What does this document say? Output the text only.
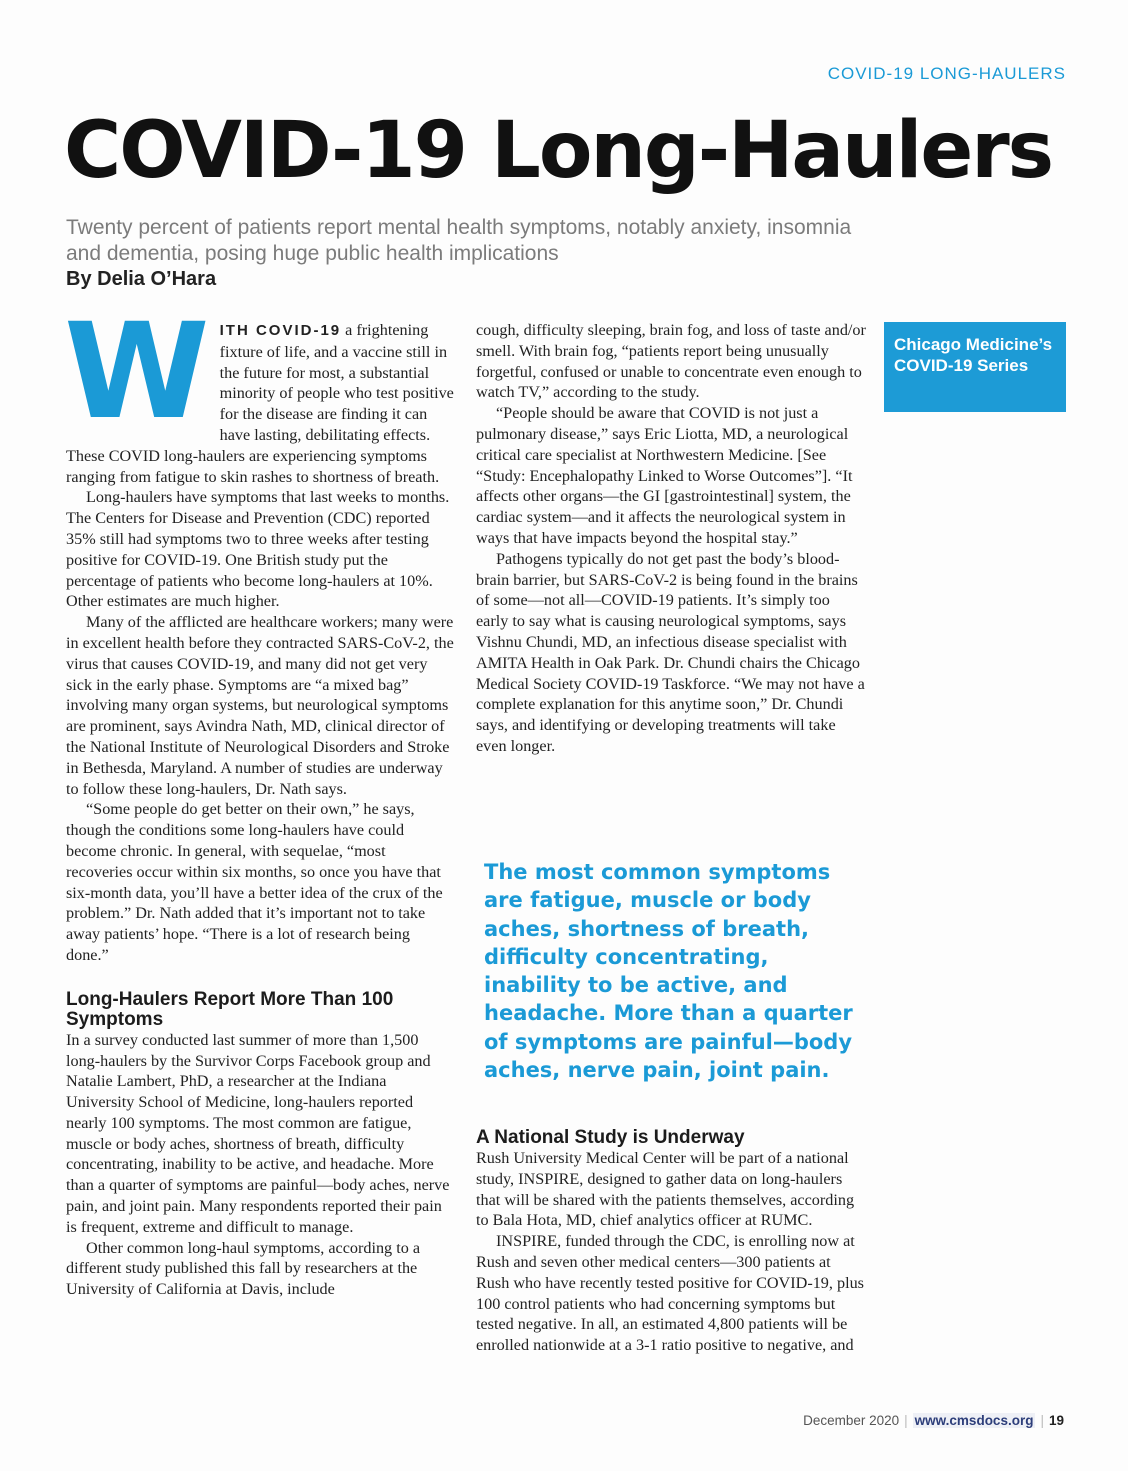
COVID-19 LONG-HAULERS
COVID-19 Long-Haulers
Twenty percent of patients report mental health symptoms, notably anxiety, insomnia and dementia, posing huge public health implications
By Delia O’Hara

WITH COVID-19 a frightening fixture of life, and a vaccine still in the future for most, a substantial minority of people who test positive for the disease are finding it can have lasting, debilitating effects. These COVID long-haulers are experiencing symptoms ranging from fatigue to skin rashes to shortness of breath.

Long-haulers have symptoms that last weeks to months. The Centers for Disease and Prevention (CDC) reported 35% still had symptoms two to three weeks after testing positive for COVID-19. One British study put the percentage of patients who become long-haulers at 10%. Other estimates are much higher.

Many of the afflicted are healthcare workers; many were in excellent health before they contracted SARS-CoV-2, the virus that causes COVID-19, and many did not get very sick in the early phase. Symptoms are “a mixed bag” involving many organ systems, but neurological symptoms are prominent, says Avindra Nath, MD, clinical director of the National Institute of Neurological Disorders and Stroke in Bethesda, Maryland. A number of studies are underway to follow these long-haulers, Dr. Nath says.

“Some people do get better on their own,” he says, though the conditions some long-haulers have could become chronic. In general, with sequelae, “most recoveries occur within six months, so once you have that six-month data, you’ll have a better idea of the crux of the problem.” Dr. Nath added that it’s important not to take away patients’ hope. “There is a lot of research being done.”

Long-Haulers Report More Than 100 Symptoms

In a survey conducted last summer of more than 1,500 long-haulers by the Survivor Corps Facebook group and Natalie Lambert, PhD, a researcher at the Indiana University School of Medicine, long-haulers reported nearly 100 symptoms. The most common are fatigue, muscle or body aches, shortness of breath, difficulty concentrating, inability to be active, and headache. More than a quarter of symptoms are painful—body aches, nerve pain, and joint pain. Many respondents reported their pain is frequent, extreme and difficult to manage.

Other common long-haul symptoms, according to a different study published this fall by researchers at the University of California at Davis, include

cough, difficulty sleeping, brain fog, and loss of taste and/or smell. With brain fog, “patients report being unusually forgetful, confused or unable to concentrate even enough to watch TV,” according to the study.

“People should be aware that COVID is not just a pulmonary disease,” says Eric Liotta, MD, a neurological critical care specialist at Northwestern Medicine. [See “Study: Encephalopathy Linked to Worse Outcomes”]. “It affects other organs—the GI [gastrointestinal] system, the cardiac system—and it affects the neurological system in ways that have impacts beyond the hospital stay.”

Pathogens typically do not get past the body’s blood-brain barrier, but SARS-CoV-2 is being found in the brains of some—not all—COVID-19 patients. It’s simply too early to say what is causing neurological symptoms, says Vishnu Chundi, MD, an infectious disease specialist with AMITA Health in Oak Park. Dr. Chundi chairs the Chicago Medical Society COVID-19 Taskforce. “We may not have a complete explanation for this anytime soon,” Dr. Chundi says, and identifying or developing treatments will take even longer.

The most common symptoms are fatigue, muscle or body aches, shortness of breath, difficulty concentrating, inability to be active, and headache. More than a quarter of symptoms are painful—body aches, nerve pain, joint pain.

A National Study is Underway

Rush University Medical Center will be part of a national study, INSPIRE, designed to gather data on long-haulers that will be shared with the patients themselves, according to Bala Hota, MD, chief analytics officer at RUMC.

INSPIRE, funded through the CDC, is enrolling now at Rush and seven other medical centers—300 patients at Rush who have recently tested positive for COVID-19, plus 100 control patients who had concerning symptoms but tested negative. In all, an estimated 4,800 patients will be enrolled nationwide at a 3-1 ratio positive to negative, and

Chicago Medicine’s COVID-19 Series
December 2020 | www.cmsdocs.org | 19
